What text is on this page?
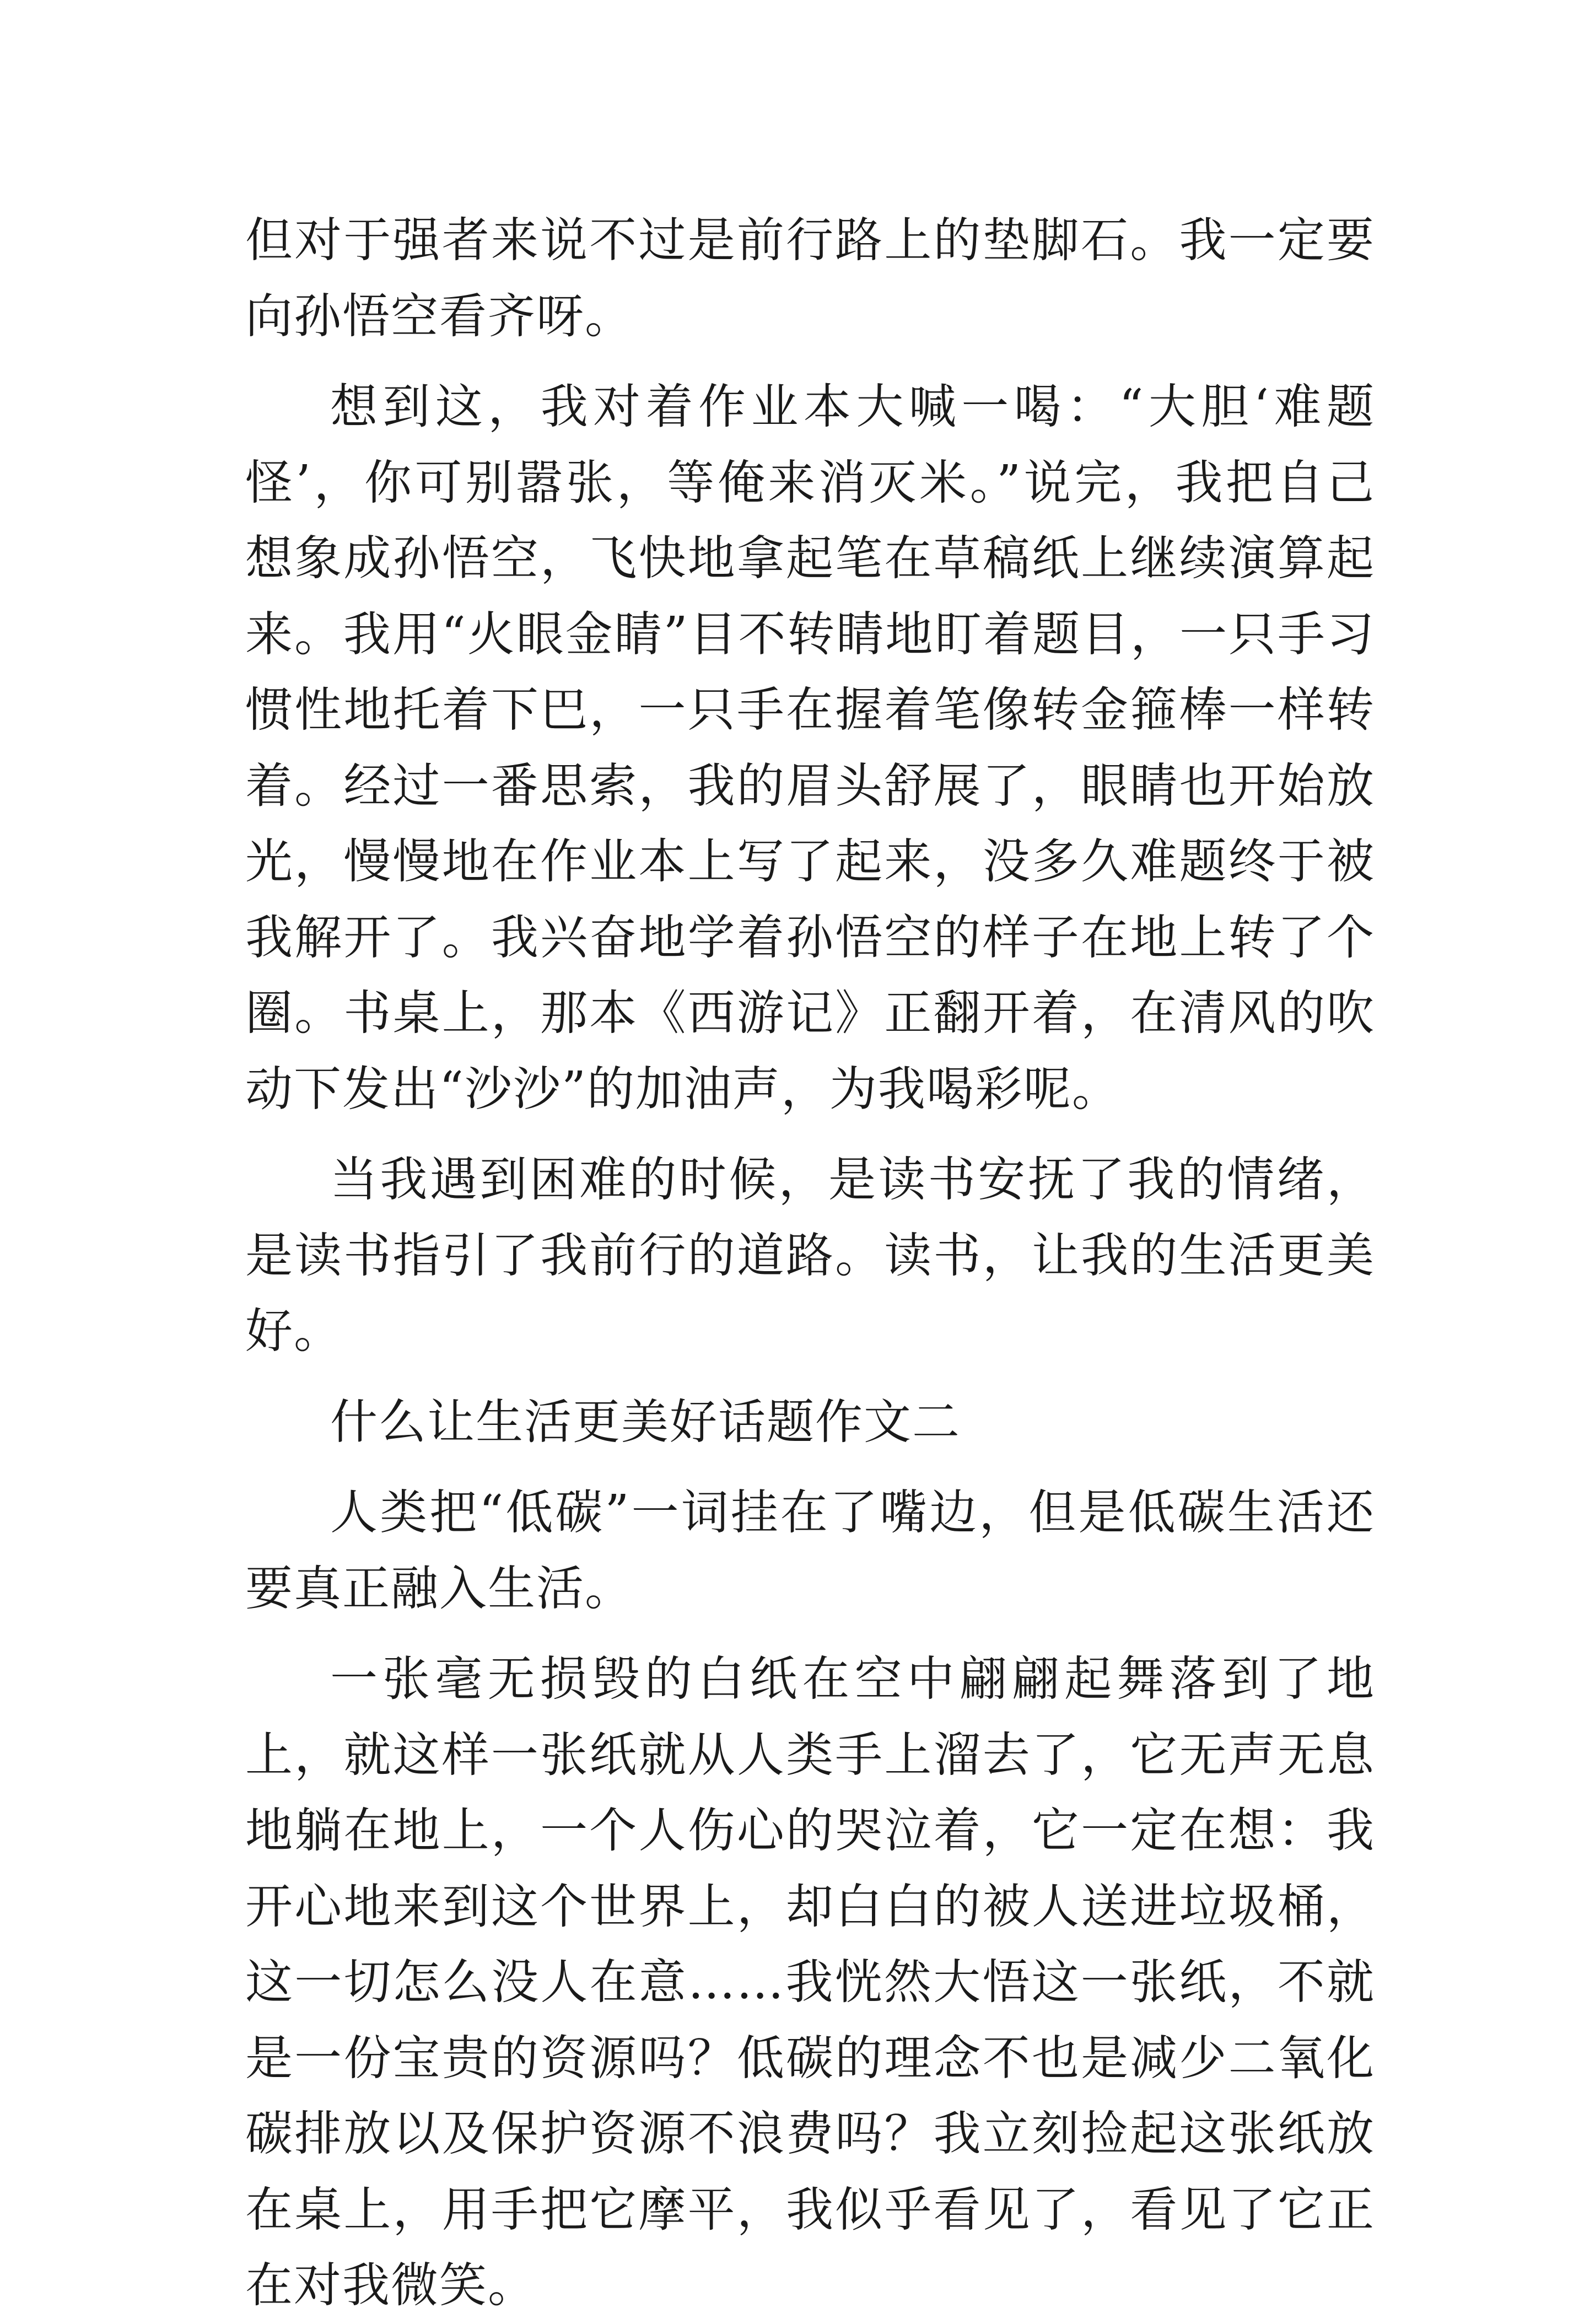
但对于强者来说不过是前行路上的垫脚石。我一定要向孙悟空看齐呀。

想到这，我对着作业本大喊一喝：“大胆‘难题怪’，你可别嚣张，等俺来消灭米。”说完，我把自己想象成孙悟空，飞快地拿起笔在草稿纸上继续演算起来。我用“火眼金睛”目不转睛地盯着题目，一只手习惯性地托着下巴，一只手在握着笔像转金箍棒一样转着。经过一番思索，我的眉头舒展了，眼睛也开始放光，慢慢地在作业本上写了起来，没多久难题终于被我解开了。我兴奋地学着孙悟空的样子在地上转了个圈。书桌上，那本《西游记》正翻开着，在清风的吹动下发出“沙沙”的加油声，为我喝彩呢。

当我遇到困难的时候，是读书安抚了我的情绪，是读书指引了我前行的道路。读书，让我的生活更美好。

什么让生活更美好话题作文二

人类把“低碳”一词挂在了嘴边，但是低碳生活还要真正融入生活。

一张毫无损毁的白纸在空中翩翩起舞落到了地上，就这样一张纸就从人类手上溜去了，它无声无息地躺在地上，一个人伤心的哭泣着，它一定在想：我开心地来到这个世界上，却白白的被人送进垃圾桶，这一切怎么没人在意……我恍然大悟这一张纸，不就是一份宝贵的资源吗？低碳的理念不也是减少二氧化碳排放以及保护资源不浪费吗？我立刻捡起这张纸放在桌上，用手把它摩平，我似乎看见了，看见了它正在对我微笑。
